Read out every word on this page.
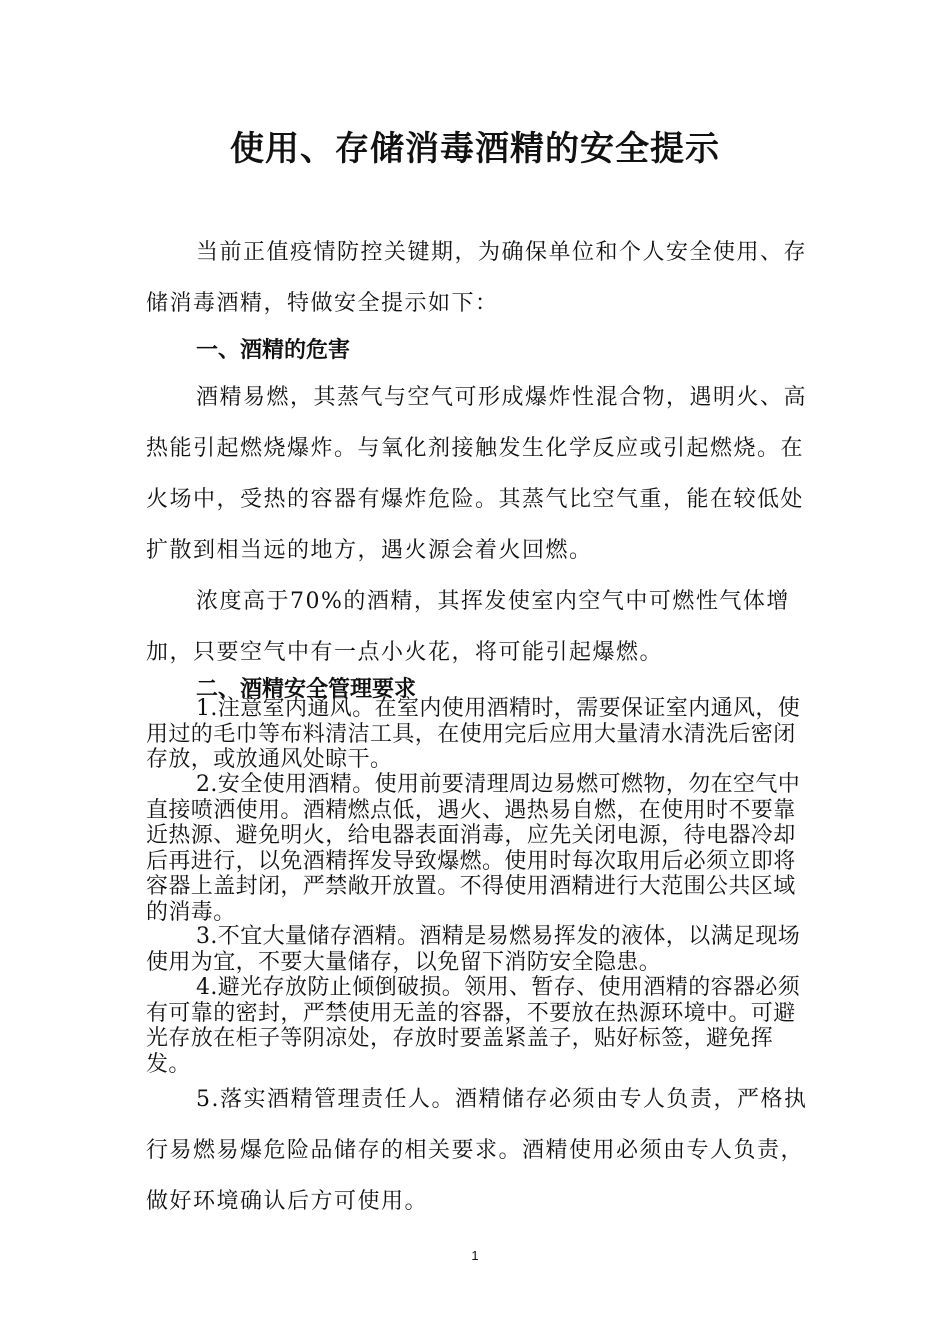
使用、存储消毒酒精的安全提示

当前正值疫情防控关键期，为确保单位和个人安全使用、存储消毒酒精，特做安全提示如下：

一、酒精的危害

酒精易燃，其蒸气与空气可形成爆炸性混合物，遇明火、高热能引起燃烧爆炸。与氧化剂接触发生化学反应或引起燃烧。在火场中，受热的容器有爆炸危险。其蒸气比空气重，能在较低处扩散到相当远的地方，遇火源会着火回燃。

浓度高于70%的酒精，其挥发使室内空气中可燃性气体增加，只要空气中有一点小火花，将可能引起爆燃。

二、酒精安全管理要求

1.注意室内通风。在室内使用酒精时，需要保证室内通风，使用过的毛巾等布料清洁工具，在使用完后应用大量清水清洗后密闭存放，或放通风处晾干。

2.安全使用酒精。使用前要清理周边易燃可燃物，勿在空气中直接喷洒使用。酒精燃点低，遇火、遇热易自燃，在使用时不要靠近热源、避免明火，给电器表面消毒，应先关闭电源，待电器冷却后再进行，以免酒精挥发导致爆燃。使用时每次取用后必须立即将容器上盖封闭，严禁敞开放置。不得使用酒精进行大范围公共区域的消毒。

3.不宜大量储存酒精。酒精是易燃易挥发的液体，以满足现场使用为宜，不要大量储存，以免留下消防安全隐患。

4.避光存放防止倾倒破损。领用、暂存、使用酒精的容器必须有可靠的密封，严禁使用无盖的容器，不要放在热源环境中。可避光存放在柜子等阴凉处，存放时要盖紧盖子，贴好标签，避免挥发。

5.落实酒精管理责任人。酒精储存必须由专人负责，严格执行易燃易爆危险品储存的相关要求。酒精使用必须由专人负责，做好环境确认后方可使用。

1
